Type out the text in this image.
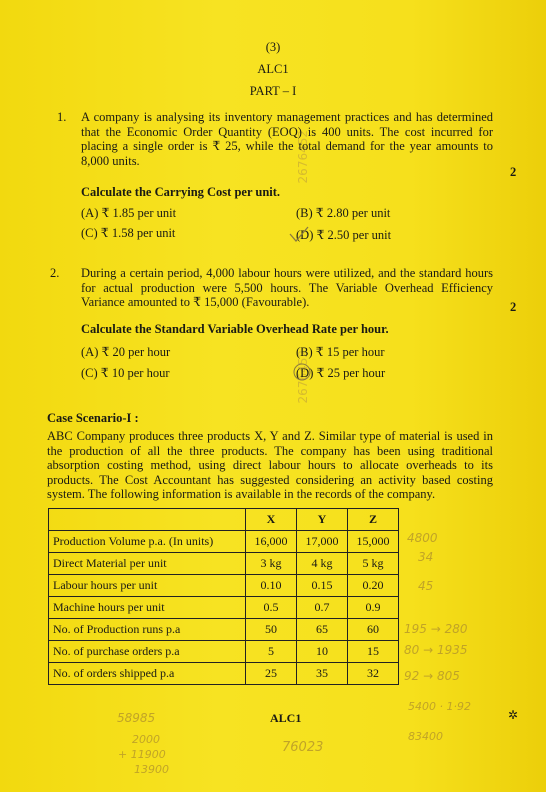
(3)
ALC1
PART – I
2676452
2676452
1. A company is analysing its inventory management practices and has determined that the Economic Order Quantity (EOQ) is 400 units. The cost incurred for placing a single order is ₹ 25, while the total demand for the year amounts to 8,000 units.
2
Calculate the Carrying Cost per unit.
(A) ₹ 1.85 per unit	(B) ₹ 2.80 per unit
(C) ₹ 1.58 per unit	(D) ₹ 2.50 per unit
2. During a certain period, 4,000 labour hours were utilized, and the standard hours for actual production were 5,500 hours. The Variable Overhead Efficiency Variance amounted to ₹ 15,000 (Favourable).	2
Calculate the Standard Variable Overhead Rate per hour.
(A) ₹ 20 per hour	(B) ₹ 15 per hour
(C) ₹ 10 per hour	(D) ₹ 25 per hour
Case Scenario-I :
ABC Company produces three products X, Y and Z. Similar type of material is used in the production of all the three products. The company has been using traditional absorption costing method, using direct labour hours to allocate overheads to its products. The Cost Accountant has suggested considering an activity based costing system. The following information is available in the records of the company.
	X	Y	Z
Production Volume p.a. (In units)	16,000	17,000	15,000
Direct Material per unit	3 kg	4 kg	5 kg
Labour hours per unit	0.10	0.15	0.20
Machine hours per unit	0.5	0.7	0.9
No. of Production runs p.a	50	65	60
No. of purchase orders p.a	5	10	15
No. of orders shipped p.a	25	35	32
4800
34
45
195 → 280
80 → 1935
92 → 805
5400 · 1·92
83400
58985
2000
+ 11900
13900
76023
ALC1	✲
